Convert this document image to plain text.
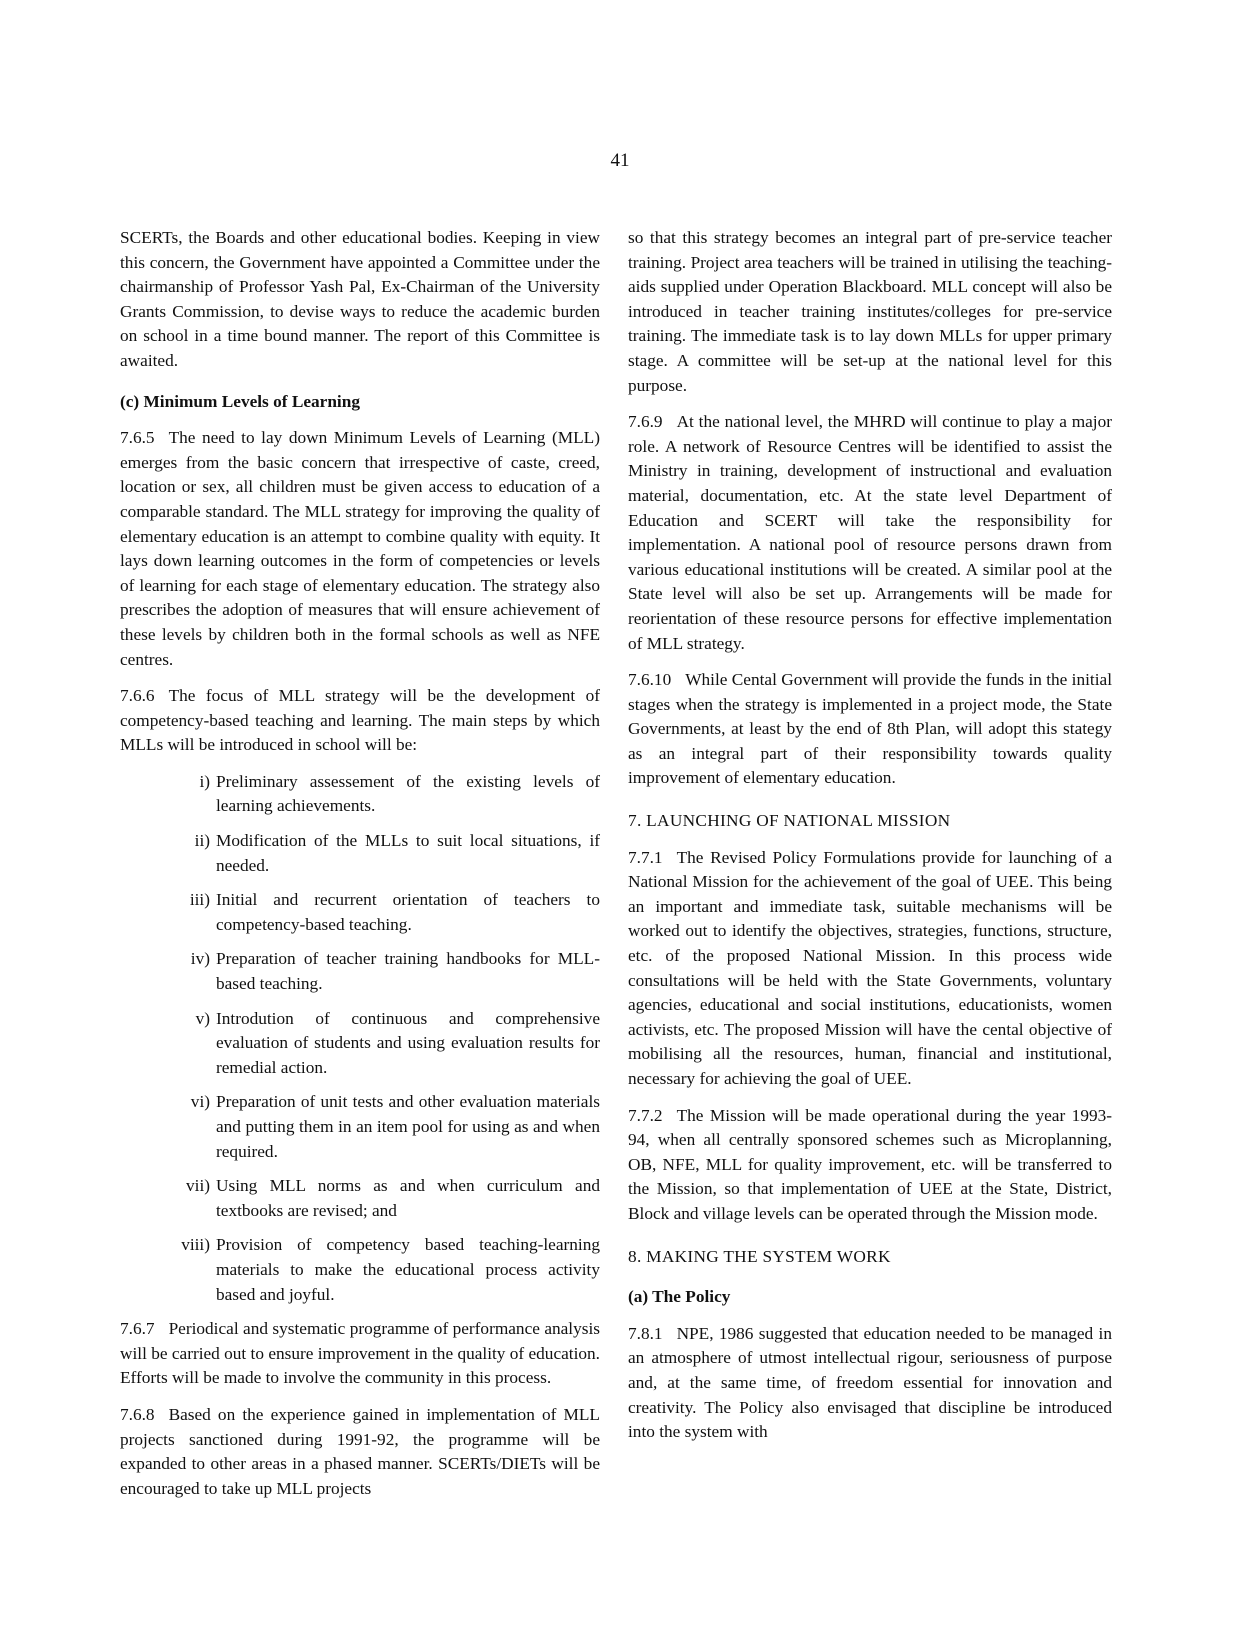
41

SCERTs, the Boards and other educational bodies. Keeping in view this concern, the Government have appointed a Committee under the chairmanship of Professor Yash Pal, Ex-Chairman of the University Grants Commission, to devise ways to reduce the academic burden on school in a time bound manner. The report of this Committee is awaited.

(c) Minimum Levels of Learning

7.6.5 The need to lay down Minimum Levels of Learning (MLL) emerges from the basic concern that irrespective of caste, creed, location or sex, all children must be given access to education of a comparable standard. The MLL strategy for improving the quality of elementary education is an attempt to combine quality with equity. It lays down learning outcomes in the form of competencies or levels of learning for each stage of elementary education. The strategy also prescribes the adoption of measures that will ensure achievement of these levels by children both in the formal schools as well as NFE centres.

7.6.6 The focus of MLL strategy will be the development of competency-based teaching and learning. The main steps by which MLLs will be introduced in school will be:

i) Preliminary assessement of the existing levels of learning achievements.
ii) Modification of the MLLs to suit local situations, if needed.
iii) Initial and recurrent orientation of teachers to competency-based teaching.
iv) Preparation of teacher training handbooks for MLL-based teaching.
v) Introdution of continuous and comprehensive evaluation of students and using evaluation results for remedial action.
vi) Preparation of unit tests and other evaluation materials and putting them in an item pool for using as and when required.
vii) Using MLL norms as and when curriculum and textbooks are revised; and
viii) Provision of competency based teaching-learning materials to make the educational process activity based and joyful.

7.6.7 Periodical and systematic programme of performance analysis will be carried out to ensure improvement in the quality of education. Efforts will be made to involve the community in this process.

7.6.8 Based on the experience gained in implementation of MLL projects sanctioned during 1991-92, the programme will be expanded to other areas in a phased manner. SCERTs/DIETs will be encouraged to take up MLL projects

so that this strategy becomes an integral part of pre-service teacher training. Project area teachers will be trained in utilising the teaching-aids supplied under Operation Blackboard. MLL concept will also be introduced in teacher training institutes/colleges for pre-service training. The immediate task is to lay down MLLs for upper primary stage. A committee will be set-up at the national level for this purpose.

7.6.9 At the national level, the MHRD will continue to play a major role. A network of Resource Centres will be identified to assist the Ministry in training, development of instructional and evaluation material, documentation, etc. At the state level Department of Education and SCERT will take the responsibility for implementation. A national pool of resource persons drawn from various educational institutions will be created. A similar pool at the State level will also be set up. Arrangements will be made for reorientation of these resource persons for effective implementation of MLL strategy.

7.6.10 While Cental Government will provide the funds in the initial stages when the strategy is implemented in a project mode, the State Governments, at least by the end of 8th Plan, will adopt this stategy as an integral part of their responsibility towards quality improvement of elementary education.

7. LAUNCHING OF NATIONAL MISSION

7.7.1 The Revised Policy Formulations provide for launching of a National Mission for the achievement of the goal of UEE. This being an important and immediate task, suitable mechanisms will be worked out to identify the objectives, strategies, functions, structure, etc. of the proposed National Mission. In this process wide consultations will be held with the State Governments, voluntary agencies, educational and social institutions, educationists, women activists, etc. The proposed Mission will have the cental objective of mobilising all the resources, human, financial and institutional, necessary for achieving the goal of UEE.

7.7.2 The Mission will be made operational during the year 1993-94, when all centrally sponsored schemes such as Microplanning, OB, NFE, MLL for quality improvement, etc. will be transferred to the Mission, so that implementation of UEE at the State, District, Block and village levels can be operated through the Mission mode.

8. MAKING THE SYSTEM WORK

(a) The Policy

7.8.1 NPE, 1986 suggested that education needed to be managed in an atmosphere of utmost intellectual rigour, seriousness of purpose and, at the same time, of freedom essential for innovation and creativity. The Policy also envisaged that discipline be introduced into the system with
